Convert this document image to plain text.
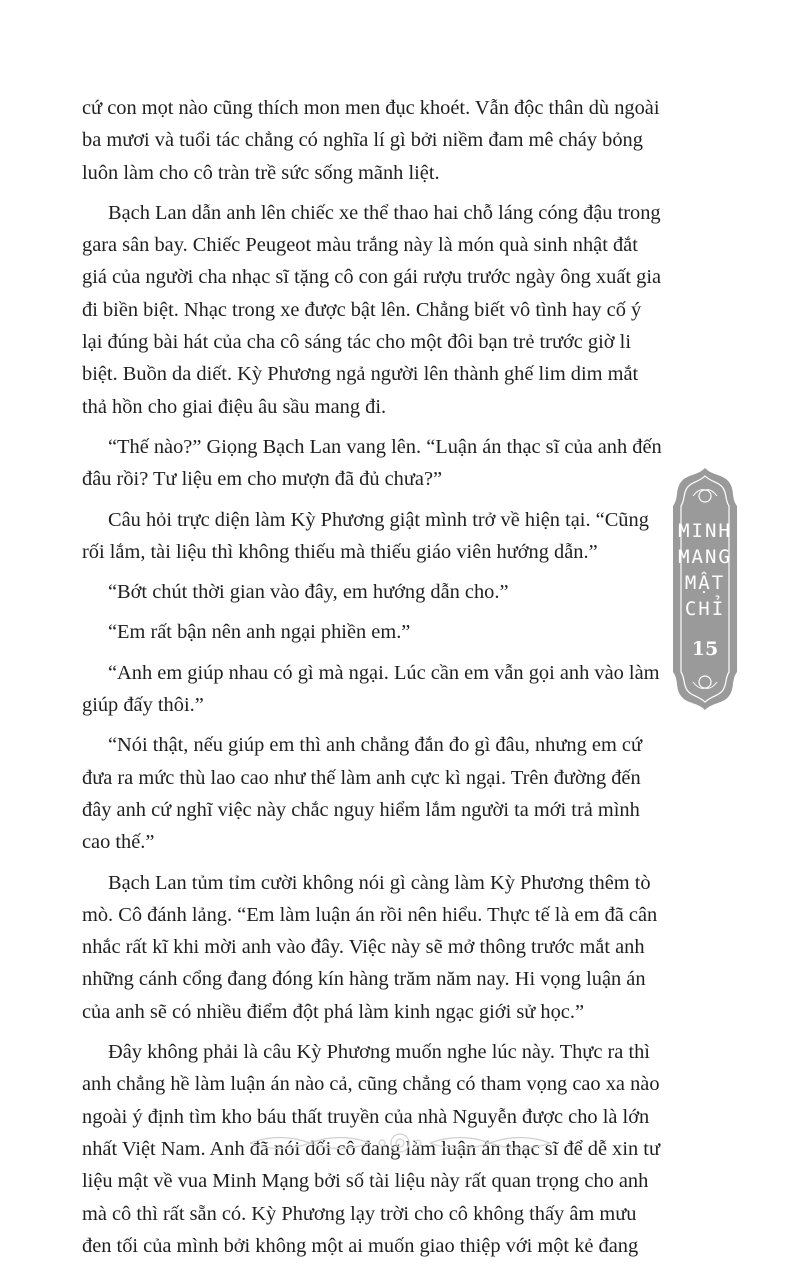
cứ con mọt nào cũng thích mon men đục khoét. Vẫn độc thân dù ngoài ba mươi và tuổi tác chẳng có nghĩa lí gì bởi niềm đam mê cháy bỏng luôn làm cho cô tràn trề sức sống mãnh liệt.

Bạch Lan dẫn anh lên chiếc xe thể thao hai chỗ láng cóng đậu trong gara sân bay. Chiếc Peugeot màu trắng này là món quà sinh nhật đắt giá của người cha nhạc sĩ tặng cô con gái rượu trước ngày ông xuất gia đi biền biệt. Nhạc trong xe được bật lên. Chẳng biết vô tình hay cố ý lại đúng bài hát của cha cô sáng tác cho một đôi bạn trẻ trước giờ li biệt. Buồn da diết. Kỳ Phương ngả người lên thành ghế lim dim mắt thả hồn cho giai điệu âu sầu mang đi.

“Thế nào?” Giọng Bạch Lan vang lên. “Luận án thạc sĩ của anh đến đâu rồi? Tư liệu em cho mượn đã đủ chưa?”

Câu hỏi trực diện làm Kỳ Phương giật mình trở về hiện tại. “Cũng rối lắm, tài liệu thì không thiếu mà thiếu giáo viên hướng dẫn.”

“Bớt chút thời gian vào đây, em hướng dẫn cho.”

“Em rất bận nên anh ngại phiền em.”

“Anh em giúp nhau có gì mà ngại. Lúc cần em vẫn gọi anh vào làm giúp đấy thôi.”

“Nói thật, nếu giúp em thì anh chẳng đắn đo gì đâu, nhưng em cứ đưa ra mức thù lao cao như thế làm anh cực kì ngại. Trên đường đến đây anh cứ nghĩ việc này chắc nguy hiểm lắm người ta mới trả mình cao thế.”

Bạch Lan tủm tỉm cười không nói gì càng làm Kỳ Phương thêm tò mò. Cô đánh lảng. “Em làm luận án rồi nên hiểu. Thực tế là em đã cân nhắc rất kĩ khi mời anh vào đây. Việc này sẽ mở thông trước mắt anh những cánh cổng đang đóng kín hàng trăm năm nay. Hi vọng luận án của anh sẽ có nhiều điểm đột phá làm kinh ngạc giới sử học.”

Đây không phải là câu Kỳ Phương muốn nghe lúc này. Thực ra thì anh chẳng hề làm luận án nào cả, cũng chẳng có tham vọng cao xa nào ngoài ý định tìm kho báu thất truyền của nhà Nguyễn được cho là lớn nhất Việt Nam. Anh đã nói dối cô đang làm luận án thạc sĩ để dễ xin tư liệu mật về vua Minh Mạng bởi số tài liệu này rất quan trọng cho anh mà cô thì rất sẵn có. Kỳ Phương lạy trời cho cô không thấy âm mưu đen tối của mình bởi không một ai muốn giao thiệp với một kẻ đang

MINH
MANG
MẬT
CHỈ
15
